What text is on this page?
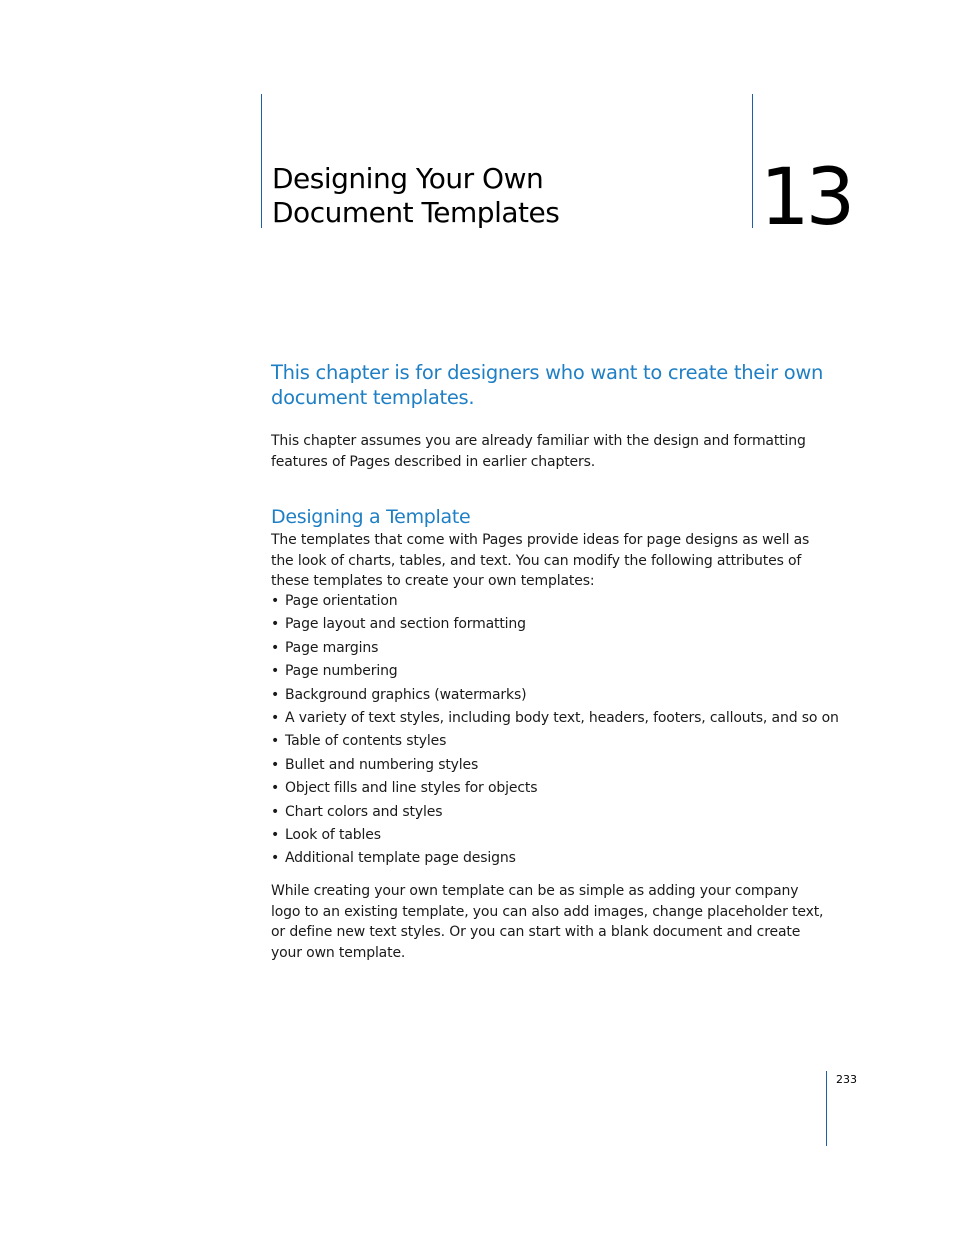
Designing Your Own
Document Templates	13

This chapter is for designers who want to create their own document templates.

This chapter assumes you are already familiar with the design and formatting features of Pages described in earlier chapters.

Designing a Template

The templates that come with Pages provide ideas for page designs as well as the look of charts, tables, and text. You can modify the following attributes of these templates to create your own templates:

• Page orientation
• Page layout and section formatting
• Page margins
• Page numbering
• Background graphics (watermarks)
• A variety of text styles, including body text, headers, footers, callouts, and so on
• Table of contents styles
• Bullet and numbering styles
• Object fills and line styles for objects
• Chart colors and styles
• Look of tables
• Additional template page designs

While creating your own template can be as simple as adding your company logo to an existing template, you can also add images, change placeholder text, or define new text styles. Or you can start with a blank document and create your own template.

233
